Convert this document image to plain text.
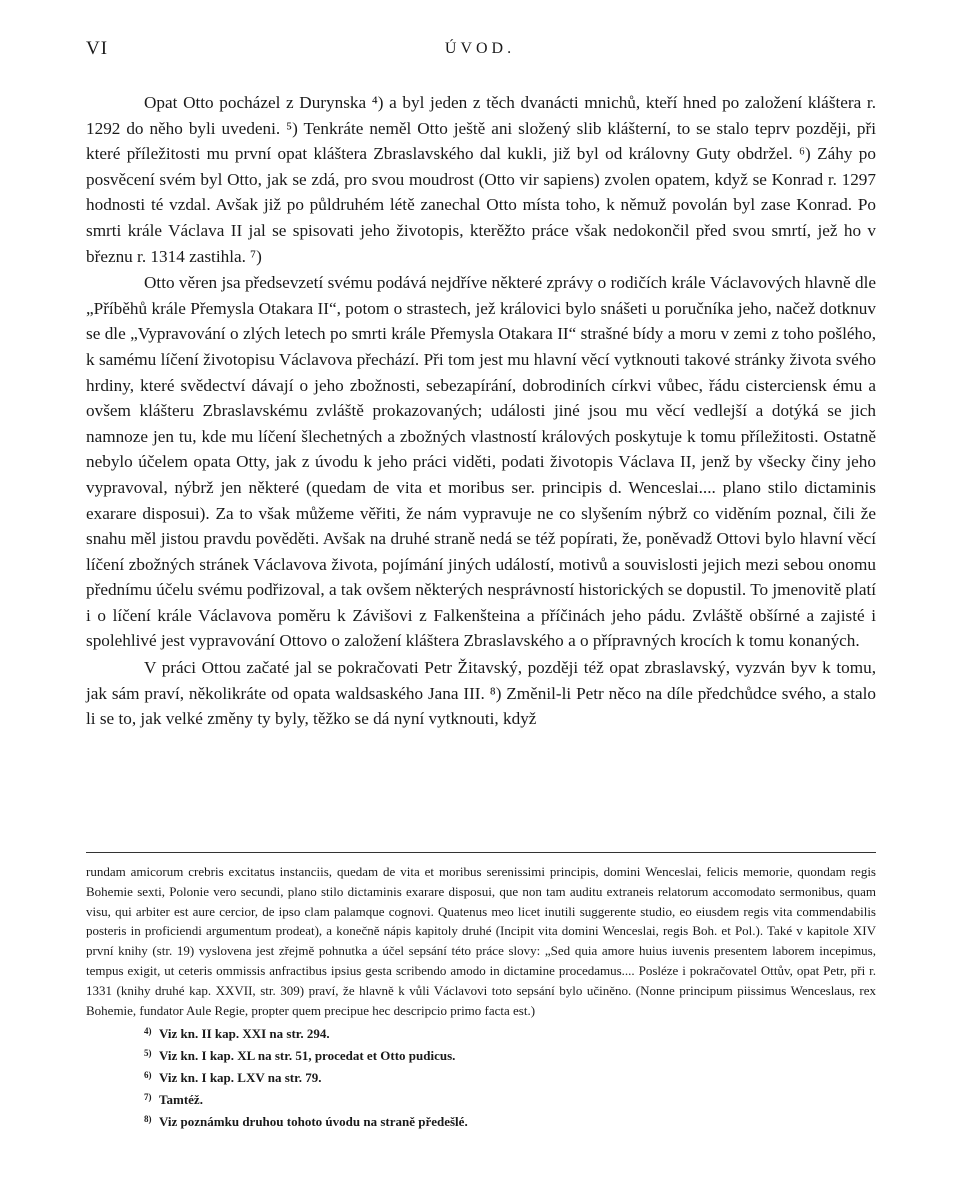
VI	ÚVOD.

Opat Otto pocházel z Durynska ⁴) a byl jeden z těch dvanácti mnichů, kteří hned po založení kláštera r. 1292 do něho byli uvedeni. ⁵) Tenkráte neměl Otto ještě ani složený slib klášterní, to se stalo teprv později, při které příležitosti mu první opat kláštera Zbraslavského dal kukli, již byl od královny Guty obdržel. ⁶) Záhy po posvěcení svém byl Otto, jak se zdá, pro svou moudrost (Otto vir sapiens) zvolen opatem, když se Konrad r. 1297 hodnosti té vzdal. Avšak již po půldruhém létě zanechal Otto místa toho, k němuž povolán byl zase Konrad. Po smrti krále Václava II jal se spisovati jeho životopis, kterěžto práce však nedokončil před svou smrtí, jež ho v březnu r. 1314 zastihla. ⁷)

Otto věren jsa předsevzetí svému podává nejdříve některé zprávy o rodičích krále Václavových hlavně dle „Příběhů krále Přemysla Otakara II“, potom o strastech, jež královici bylo snášeti u poručníka jeho, načež dotknuv se dle „Vypravování o zlých letech po smrti krále Přemysla Otakara II“ strašné bídy a moru v zemi z toho pošlého, k samému líčení životopisu Václavova přechází. Při tom jest mu hlavní věcí vytknouti takové stránky života svého hrdiny, které svědectví dávají o jeho zbožnosti, sebezapírání, dobrodiních církvi vůbec, řádu cisterciensk ému a ovšem klášteru Zbraslavskému zvláště prokazovaných; události jiné jsou mu věcí vedlejší a dotýká se jich namnoze jen tu, kde mu líčení šlechetných a zbožných vlastností králových poskytuje k tomu příležitosti. Ostatně nebylo účelem opata Otty, jak z úvodu k jeho práci viděti, podati životopis Václava II, jenž by všecky činy jeho vypravoval, nýbrž jen některé (quedam de vita et moribus ser. principis d. Wenceslai.... plano stilo dictaminis exarare disposui). Za to však můžeme věřiti, že nám vypravuje ne co slyšením nýbrž co viděním poznal, čili že snahu měl jistou pravdu pověděti. Avšak na druhé straně nedá se též popírati, že, poněvadž Ottovi bylo hlavní věcí líčení zbožných stránek Václavova života, pojímání jiných událostí, motivů a souvislosti jejich mezi sebou onomu přednímu účelu svému podřizoval, a tak ovšem některých nesprávností historických se dopustil. To jmenovitě platí i o líčení krále Václavova poměru k Závišovi z Falkenšteina a příčinách jeho pádu. Zvláště obšírné a zajisté i spolehlivé jest vypravování Ottovo o založení kláštera Zbraslavského a o přípravných krocích k tomu konaných.

V práci Ottou začaté jal se pokračovati Petr Žitavský, později též opat zbraslavský, vyzván byv k tomu, jak sám praví, několikráte od opata waldsaského Jana III. ⁸) Změnil-li Petr něco na díle předchůdce svého, a stalo li se to, jak velké změny ty byly, těžko se dá nyní vytknouti, když

rundam amicorum crebris excitatus instanciis, quedam de vita et moribus serenissimi principis, domini Wenceslai, felicis memorie, quondam regis Bohemie sexti, Polonie vero secundi, plano stilo dictaminis exarare disposui, que non tam auditu extraneis relatorum accomodato sermonibus, quam visu, qui arbiter est aure cercior, de ipso clam palamque cognovi. Quatenus meo licet inutili suggerente studio, eo eiusdem regis vita commendabilis posteris in proficiendi argumentum prodeat), a konečně nápis kapitoly druhé (Incipit vita domini Wenceslai, regis Boh. et Pol.). Také v kapitole XIV první knihy (str. 19) vyslovena jest zřejmě pohnutka a účel sepsání této práce slovy: „Sed quia amore huius iuvenis presentem laborem incepimus, tempus exigit, ut ceteris ommissis anfractibus ipsius gesta scribendo amodo in dictamine procedamus.... Posléze i pokračovatel Ottův, opat Petr, při r. 1331 (knihy druhé kap. XXVII, str. 309) praví, že hlavně k vůli Václavovi toto sepsání bylo učiněno. (Nonne principum piissimus Wenceslaus, rex Bohemie, fundator Aule Regie, propter quem precipue hec descripcio primo facta est.)

4) Viz kn. II kap. XXI na str. 294.
5) Viz kn. I kap. XL na str. 51, procedat et Otto pudicus.
6) Viz kn. I kap. LXV na str. 79.
7) Tamtéž.
8) Viz poznámku druhou tohoto úvodu na straně předešlé.
